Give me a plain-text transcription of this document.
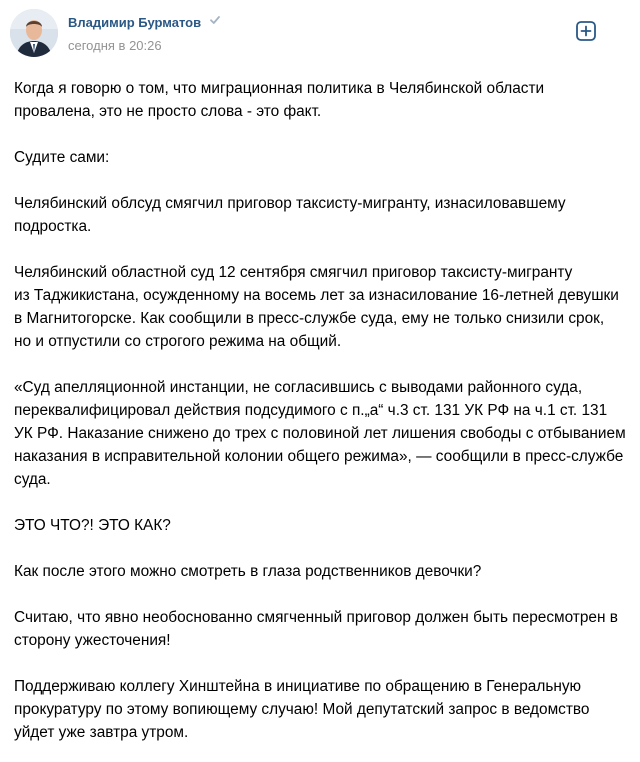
Владимир Бурматов
сегодня в 20:26

Когда я говорю о том, что миграционная политика в Челябинской области
провалена, это не просто слова - это факт.

Судите сами:

Челябинский облсуд смягчил приговор таксисту-мигранту, изнасиловавшему
подростка.

Челябинский областной суд 12 сентября смягчил приговор таксисту-мигранту
из Таджикистана, осужденному на восемь лет за изнасилование 16-летней девушки
в Магнитогорске. Как сообщили в пресс-службе суда, ему не только снизили срок,
но и отпустили со строгого режима на общий.

«Суд апелляционной инстанции, не согласившись с выводами районного суда,
переквалифицировал действия подсудимого с п.„а“ ч.3 ст. 131 УК РФ на ч.1 ст. 131
УК РФ. Наказание снижено до трех с половиной лет лишения свободы с отбыванием
наказания в исправительной колонии общего режима», — сообщили в пресс-службе
суда.

ЭТО ЧТО?! ЭТО КАК?

Как после этого можно смотреть в глаза родственников девочки?

Считаю, что явно необоснованно смягченный приговор должен быть пересмотрен в
сторону ужесточения!

Поддерживаю коллегу Хинштейна в инициативе по обращению в Генеральную
прокуратуру по этому вопиющему случаю! Мой депутатский запрос в ведомство
уйдет уже завтра утром.
